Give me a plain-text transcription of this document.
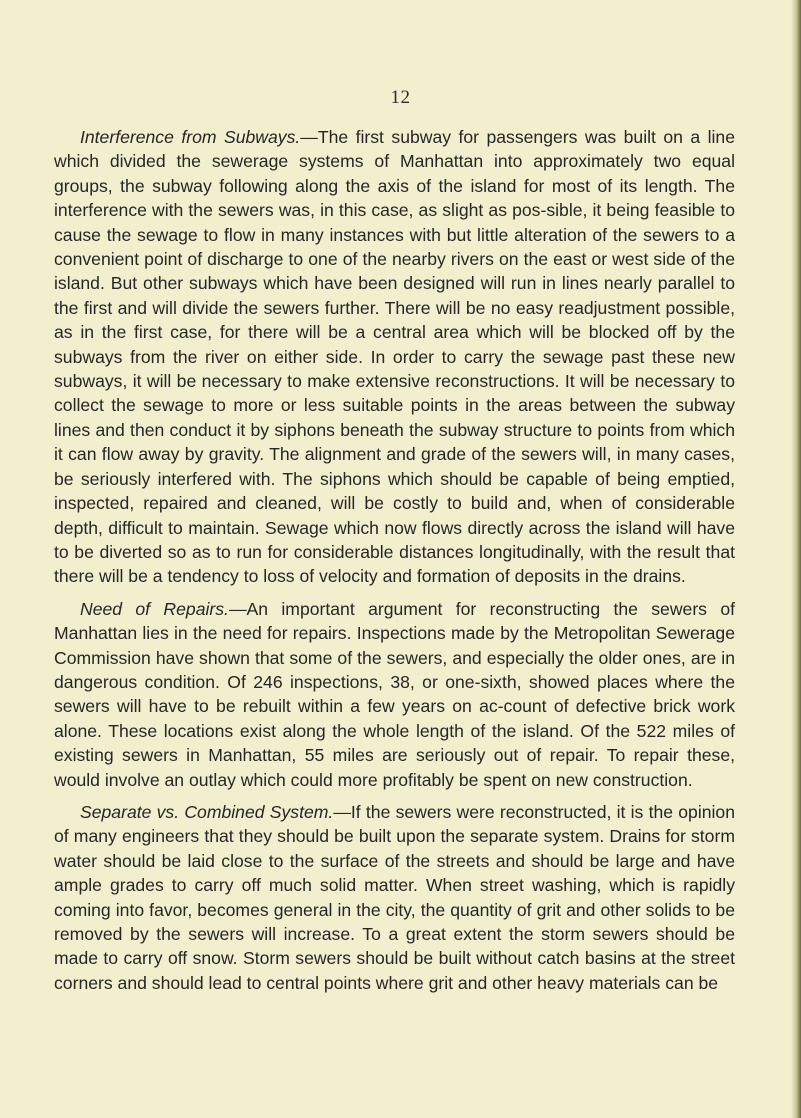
12

Interference from Subways.—The first subway for passengers was built on a line which divided the sewerage systems of Manhattan into approximately two equal groups, the subway following along the axis of the island for most of its length. The interference with the sewers was, in this case, as slight as pos-sible, it being feasible to cause the sewage to flow in many instances with but little alteration of the sewers to a convenient point of discharge to one of the nearby rivers on the east or west side of the island. But other subways which have been designed will run in lines nearly parallel to the first and will divide the sewers further. There will be no easy readjustment possible, as in the first case, for there will be a central area which will be blocked off by the subways from the river on either side. In order to carry the sewage past these new subways, it will be necessary to make extensive reconstructions. It will be necessary to collect the sewage to more or less suitable points in the areas between the subway lines and then conduct it by siphons beneath the subway structure to points from which it can flow away by gravity. The alignment and grade of the sewers will, in many cases, be seriously interfered with. The siphons which should be capable of being emptied, inspected, repaired and cleaned, will be costly to build and, when of considerable depth, difficult to maintain. Sewage which now flows directly across the island will have to be diverted so as to run for considerable distances longitudinally, with the result that there will be a tendency to loss of velocity and formation of deposits in the drains.

Need of Repairs.—An important argument for reconstructing the sewers of Manhattan lies in the need for repairs. Inspections made by the Metropolitan Sewerage Commission have shown that some of the sewers, and especially the older ones, are in dangerous condition. Of 246 inspections, 38, or one-sixth, showed places where the sewers will have to be rebuilt within a few years on ac-count of defective brick work alone. These locations exist along the whole length of the island. Of the 522 miles of existing sewers in Manhattan, 55 miles are seriously out of repair. To repair these, would involve an outlay which could more profitably be spent on new construction.

Separate vs. Combined System.—If the sewers were reconstructed, it is the opinion of many engineers that they should be built upon the separate system. Drains for storm water should be laid close to the surface of the streets and should be large and have ample grades to carry off much solid matter. When street washing, which is rapidly coming into favor, becomes general in the city, the quantity of grit and other solids to be removed by the sewers will increase. To a great extent the storm sewers should be made to carry off snow. Storm sewers should be built without catch basins at the street corners and should lead to central points where grit and other heavy materials can be
